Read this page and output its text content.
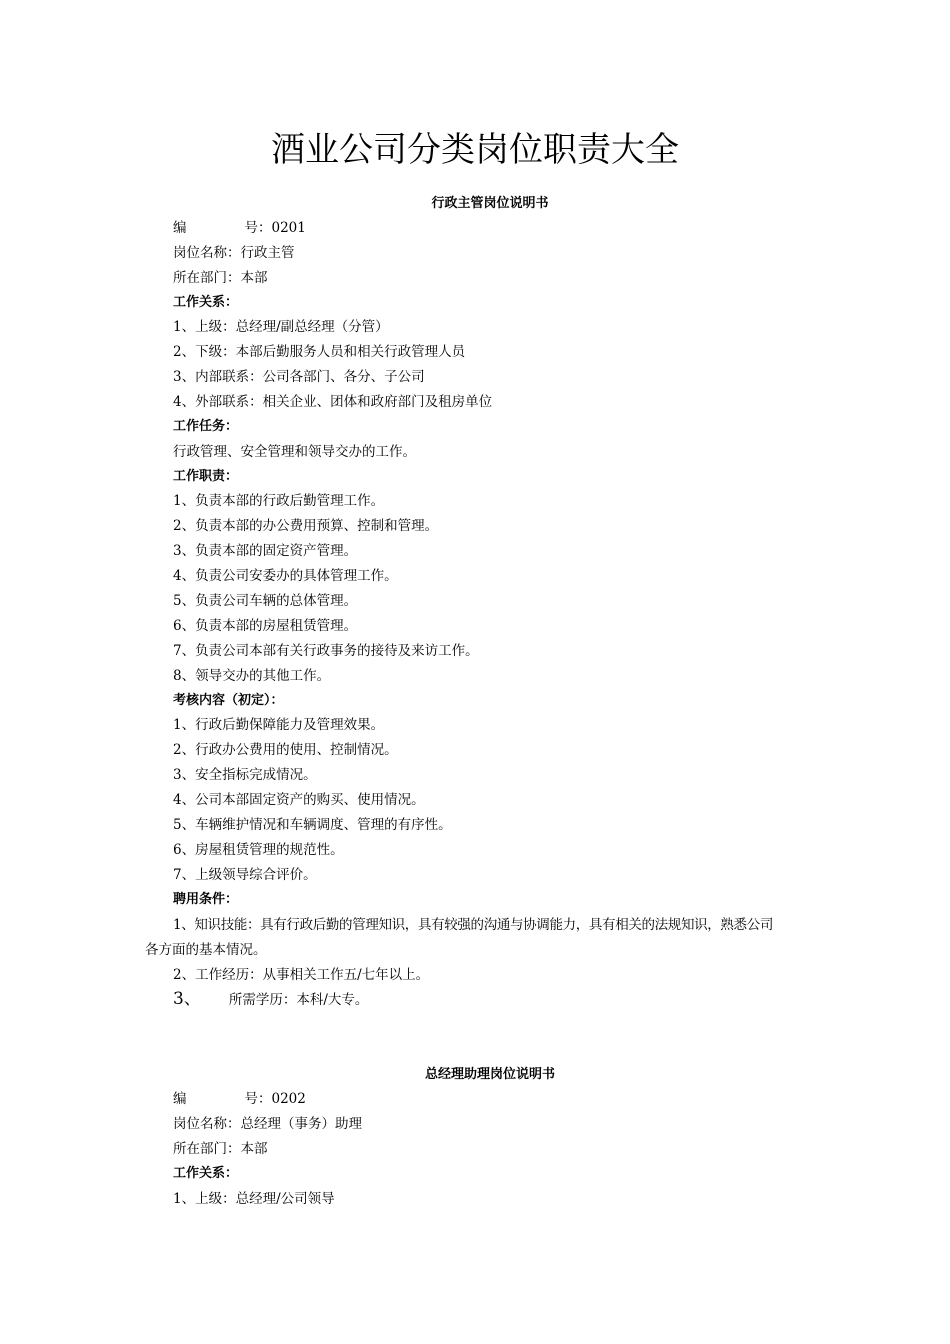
酒业公司分类岗位职责大全
行政主管岗位说明书
编	号：0201
岗位名称：行政主管
所在部门：本部
工作关系：
1、上级：总经理/副总经理（分管）
2、下级：本部后勤服务人员和相关行政管理人员
3、内部联系：公司各部门、各分、子公司
4、外部联系：相关企业、团体和政府部门及租房单位
工作任务：
行政管理、安全管理和领导交办的工作。
工作职责：
1、负责本部的行政后勤管理工作。
2、负责本部的办公费用预算、控制和管理。
3、负责本部的固定资产管理。
4、负责公司安委办的具体管理工作。
5、负责公司车辆的总体管理。
6、负责本部的房屋租赁管理。
7、负责公司本部有关行政事务的接待及来访工作。
8、领导交办的其他工作。
考核内容（初定）：
1、行政后勤保障能力及管理效果。
2、行政办公费用的使用、控制情况。
3、安全指标完成情况。
4、公司本部固定资产的购买、使用情况。
5、车辆维护情况和车辆调度、管理的有序性。
6、房屋租赁管理的规范性。
7、上级领导综合评价。
聘用条件：
1、知识技能：具有行政后勤的管理知识，具有较强的沟通与协调能力，具有相关的法规知识，熟悉公司
各方面的基本情况。
2、工作经历：从事相关工作五/七年以上。
3、 所需学历：本科/大专。
总经理助理岗位说明书
编	号：0202
岗位名称：总经理（事务）助理
所在部门：本部
工作关系：
1、上级：总经理/公司领导
